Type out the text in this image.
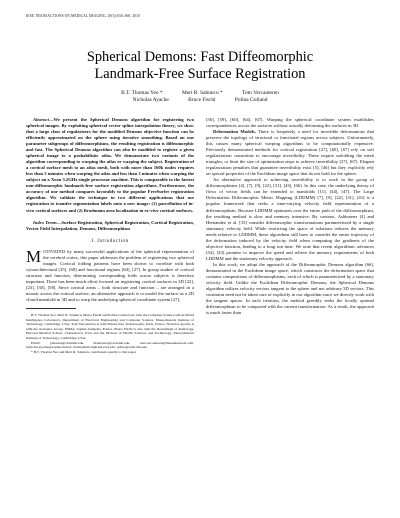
IEEE TRANSACTIONS ON MEDICAL IMAGING, 29(3):650–668, 2010
Spherical Demons: Fast Diffeomorphic
Landmark-Free Surface Registration
B.T. Thomas Yeo *	Mert R. Sabuncu *	Tom Vercauteren
Nicholas Ayache	Bruce Fischl	Polina Golland

Abstract—We present the Spherical Demons algorithm for registering two spherical images. By exploiting spherical vector spline interpolation theory, we show that a large class of regularizers for the modified Demons objective function can be efficiently approximated on the sphere using iterative smoothing. Based on one parameter subgroups of diffeomorphisms, the resulting registration is diffeomorphic and fast. The Spherical Demons algorithm can also be modified to register a given spherical image to a probabilistic atlas. We demonstrate two variants of the algorithm corresponding to warping the atlas or warping the subject. Registration of a cortical surface mesh to an atlas mesh, both with more than 160k nodes requires less than 5 minutes when warping the atlas and less than 3 minutes when warping the subject on a Xeon 3.2GHz single processor machine. This is comparable to the fastest non-diffeomorphic landmark-free surface registration algorithms. Furthermore, the accuracy of our method compares favorably to the popular FreeSurfer registration algorithm. We validate the technique in two different applications that use registration to transfer segmentation labels onto a new image: (1) parcellation of in-vivo cortical surfaces and (2) Brodmann area localization in ex-vivo cortical surfaces.

Index Terms—Surface Registration, Spherical Registration, Cortical Registration, Vector Field Interpolation, Demons, Diffeomorphism

I. Introduction

MOTIVATED by many successful applications of the spherical representation of the cerebral cortex, this paper addresses the problem of registering two spherical images. Cortical folding patterns have been shown to correlate with both cytoarchitectural [25], [68] and functional regions [64], [27]. In group studies of cortical structure and function, determining corresponding folds across subjects is therefore important. There has been much effort focused on registering cortical surfaces in 3D [22], [23], [30], [58]. Since cortical areas – both structure and function – are arranged in a mosaic across the cortical surface, an alternative approach is to model the surface as a 2D closed manifold in 3D and to warp the underlying spherical coordinate system [27],

B.T. Thomas Yeo, Mert R. Sabuncu, Bruce Fischl and Polina Golland are with the Computer Science and Artificial Intelligence Laboratory, Department of Electrical Engineering and Computer Science, Massachusetts Institute of Technology, Cambridge, USA. Tom Vercauteren is with Mauna Kea Technologies, Paris, France. Nicholas Ayache is with the Asclepios Group, INRIA, Sophia Antipolis, France. Bruce Fischl is also with the Department of Radiology, Harvard Medical School, Charlestown, USA and the Divison of Health Sciences and Technology, Massachusetts Institute of Technology, Cambridge, USA.

Email: ythomas@csail.mit.edu, msabuncu@csail.mit.edu, tom.vercauteren@maunakeatech.com, nicholas.ayache@sophia.inria.fr, fischl@nmr.mgh.harvard.edu, polina@csail.mit.edu

* B.T. Thomas Yeo and Mert R. Sabuncu contributed equally to this paper

[56], [59], [60], [64], [67]. Warping the spherical coordinate system establishes correspondences across the surfaces without actually deforming the surfaces in 3D.

Deformation Models. There is frequently a need for invertible deformations that preserve the topology of structural or functional regions across subjects. Unfortunately, this causes many spherical warping algorithms to be computationally expensive. Previously demonstrated methods for cortical registration [27], [60], [67] rely on soft regularization constraints to encourage invertibility. These require unfolding the mesh triangles, or limit the size of optimization steps to achieve invertibility [27], [67]. Elegant regularization penalties that guarantee invertibility exist [5], [46] but they explicitly rely on special properties of the Euclidean image space that do not hold for the sphere.

An alternative approach to achieving invertibility is to work in the group of diffeomorphisms [4], [7], [9], [22], [31], [43], [66]. In this case, the underlying theory of flows of vector fields can be extended to manifolds [11], [44], [47]. The Large Deformation Diffeomorphic Metric Mapping (LDDMM) [7], [9], [22], [31], [43] is a popular framework that seeks a time-varying velocity field representation of a diffeomorphism. Because LDDMM optimizes over the entire path of the diffeomorphism, the resulting method is slow and memory intensive. By contrast, Ashburner [4] and Hernandez et al. [33] consider diffeomorphic transformations parameterized by a single stationary velocity field. While restricting the space of solutions reduces the memory needs relative to LDDMM, these algorithms still have to consider the entire trajectory of the deformation induced by the velocity field when computing the gradients of the objective function, leading to a long run time. We note that recent algorithmic advances [54], [43] promise to improve the speed and relieve the memory requirements of both LDDMM and the stationary velocity approach.

In this work, we adopt the approach of the Diffeomorphic Demons algorithm [66], demonstrated in the Euclidean image space, which constructs the deformation space that contains compositions of diffeomorphisms, each of which is parameterized by a stationary velocity field. Unlike the Euclidean Diffeomorphic Demons, the Spherical Demons algorithm utilizes velocity vectors tangent to the sphere and not arbitrary 3D vectors. This constraint need not be taken care of explicitly in our algorithm since we directly work with the tangent spaces. In each iteration, the method greedily seeks the locally optimal diffeomorphism to be composed with the current transformation. As a result, the approach is much faster than
